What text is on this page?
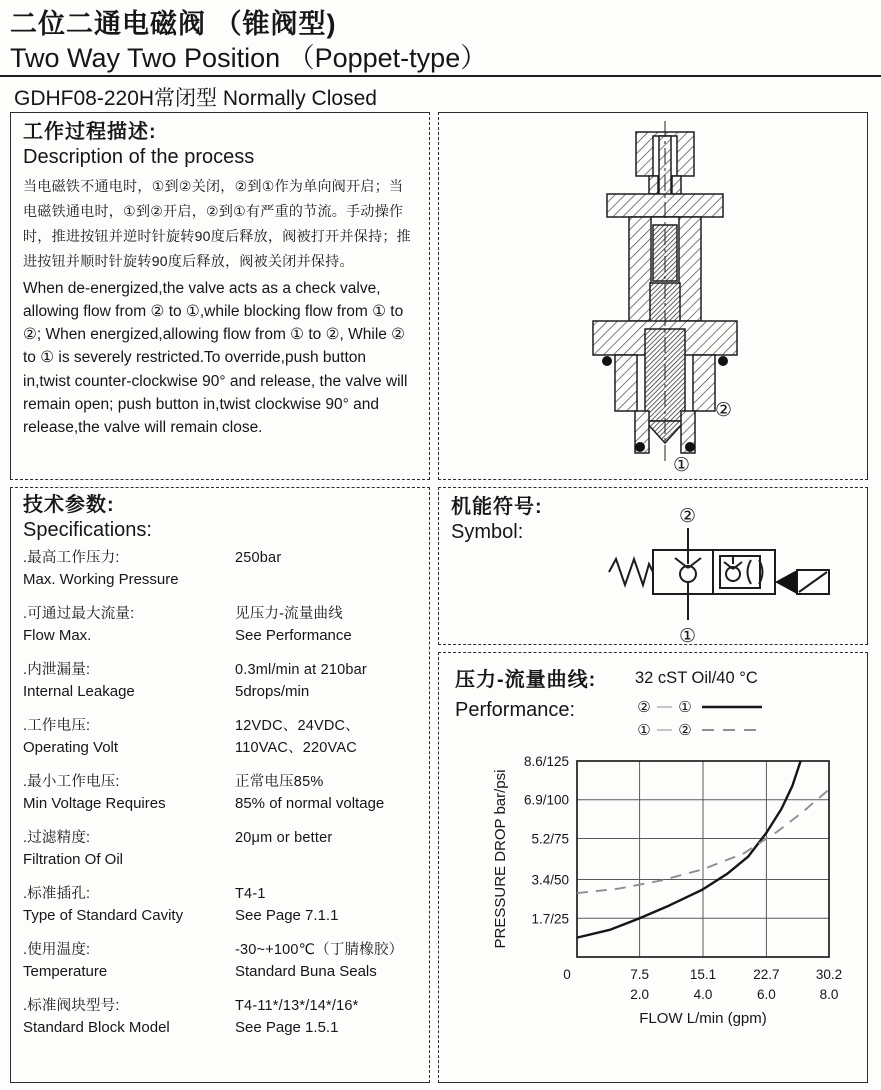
二位二通电磁阀 （锥阀型)
Two Way Two Position （Poppet-type）
GDHF08-220H常闭型 Normally Closed
工作过程描述:
Description of the process
当电磁铁不通电时，①到②关闭，②到①作为单向阀开启；当电磁铁通电时，①到②开启，②到①有严重的节流。手动操作时，推进按钮并逆时针旋转90度后释放，阀被打开并保持；推进按钮并顺时针旋转90度后释放，阀被关闭并保持。
When de-energized,the valve acts as a check valve, allowing flow from ② to ①,while blocking flow from ① to ②; When energized,allowing flow from ① to ②, While ② to ① is severely restricted.To override,push button in,twist counter-clockwise 90° and release, the valve will remain open; push button in,twist clockwise 90° and release,the valve will remain close.
②
①
技术参数:
Specifications:
.最高工作压力:
Max. Working Pressure
250bar
.可通过最大流量:
Flow Max.
见压力-流量曲线
See Performance
.内泄漏量:
Internal Leakage
0.3ml/min at 210bar
5drops/min
.工作电压:
Operating Volt
12VDC、24VDC、110VAC、220VAC
.最小工作电压:
Min Voltage Requires
正常电压85%
85% of normal voltage
.过滤精度:
Filtration Of Oil
20μm or better
.标准插孔:
Type of Standard Cavity
T4-1
See Page 7.1.1
.使用温度:
Temperature
-30~+100℃（丁腈橡胶）
Standard Buna Seals
.标准阀块型号:
Standard Block Model
T4-11*/13*/14*/16*
See Page 1.5.1
机能符号:
Symbol:
②
①
压力-流量曲线:
Performance:
32 cST Oil/40 °C
② — ①
① — ②
1.7/25
3.4/50
5.2/75
6.9/100
8.6/125
0	7.5
2.0
15.1
4.0
22.7
6.0
30.2
8.0
FLOW L/min (gpm)
PRESSURE DROP bar/psi
